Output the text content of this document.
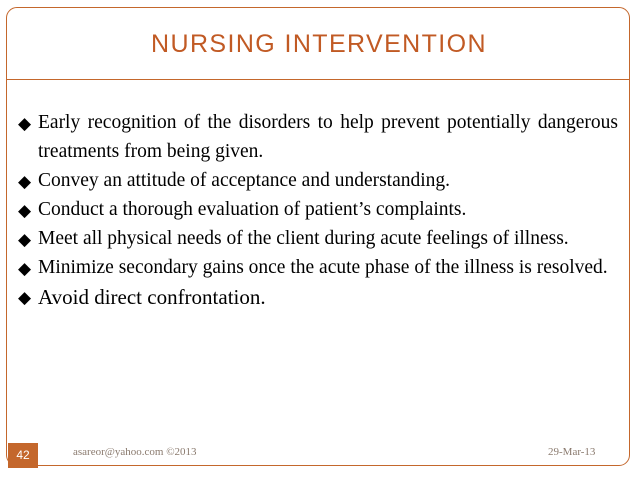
NURSING INTERVENTION
◆ Early recognition of the disorders to help prevent potentially dangerous treatments from being given.
◆ Convey an attitude of acceptance and understanding.
◆ Conduct a thorough evaluation of patient’s complaints.
◆ Meet all physical needs of the client during acute feelings of illness.
◆ Minimize secondary gains once the acute phase of the illness is resolved.
◆ Avoid direct confrontation.
42	asareor@yahoo.com ©2013	29-Mar-13
